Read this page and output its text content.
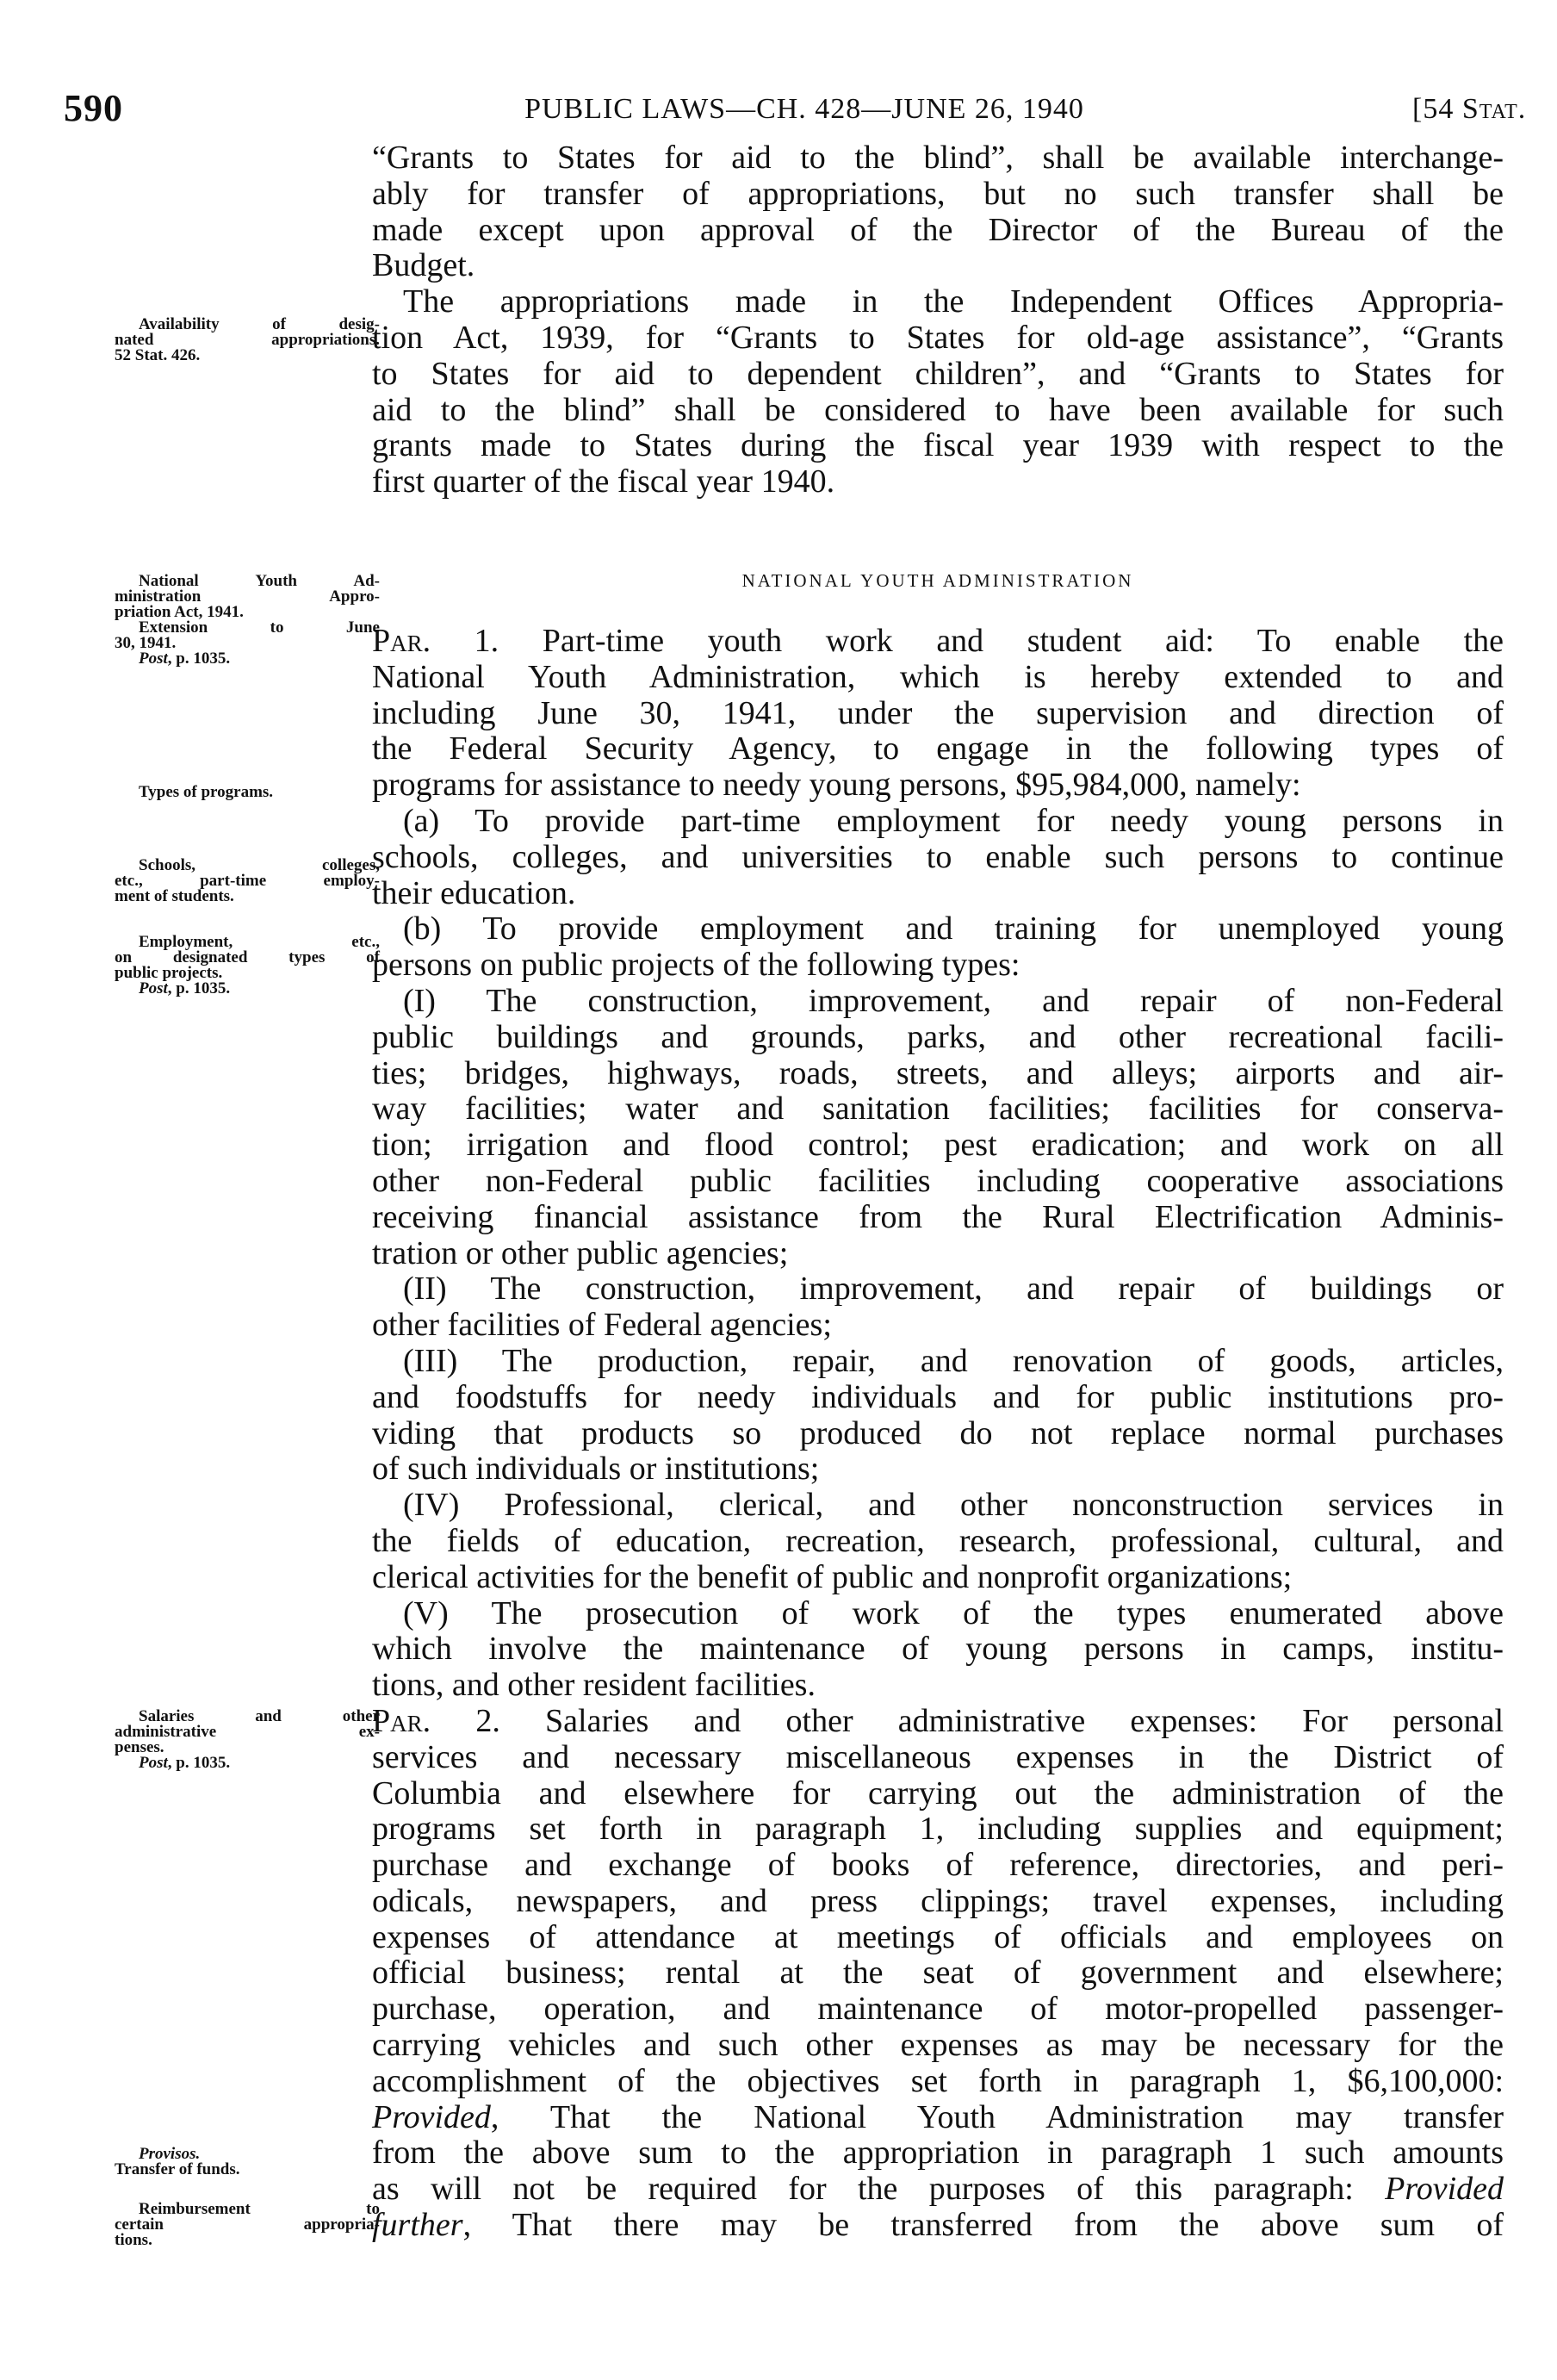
590	PUBLIC LAWS—CH. 428—JUNE 26, 1940	[54 Stat.
“Grants to States for aid to the blind”, shall be available interchange-
ably for transfer of appropriations, but no such transfer shall be
made except upon approval of the Director of the Bureau of the
Budget.
The appropriations made in the Independent Offices Appropria-
tion Act, 1939, for “Grants to States for old-age assistance”, “Grants
to States for aid to dependent children”, and “Grants to States for
aid to the blind” shall be considered to have been available for such
grants made to States during the fiscal year 1939 with respect to the
first quarter of the fiscal year 1940.
National Youth Administration
Par. 1. Part-time youth work and student aid: To enable the
National Youth Administration, which is hereby extended to and
including June 30, 1941, under the supervision and direction of
the Federal Security Agency, to engage in the following types of
programs for assistance to needy young persons, $95,984,000, namely:
(a) To provide part-time employment for needy young persons in
schools, colleges, and universities to enable such persons to continue
their education.
(b) To provide employment and training for unemployed young
persons on public projects of the following types:
(I) The construction, improvement, and repair of non-Federal
public buildings and grounds, parks, and other recreational facili-
ties; bridges, highways, roads, streets, and alleys; airports and air-
way facilities; water and sanitation facilities; facilities for conserva-
tion; irrigation and flood control; pest eradication; and work on all
other non-Federal public facilities including cooperative associations
receiving financial assistance from the Rural Electrification Adminis-
tration or other public agencies;
(II) The construction, improvement, and repair of buildings or
other facilities of Federal agencies;
(III) The production, repair, and renovation of goods, articles,
and foodstuffs for needy individuals and for public institutions pro-
viding that products so produced do not replace normal purchases
of such individuals or institutions;
(IV) Professional, clerical, and other nonconstruction services in
the fields of education, recreation, research, professional, cultural, and
clerical activities for the benefit of public and nonprofit organizations;
(V) The prosecution of work of the types enumerated above
which involve the maintenance of young persons in camps, institu-
tions, and other resident facilities.
Par. 2. Salaries and other administrative expenses: For personal
services and necessary miscellaneous expenses in the District of
Columbia and elsewhere for carrying out the administration of the
programs set forth in paragraph 1, including supplies and equipment;
purchase and exchange of books of reference, directories, and peri-
odicals, newspapers, and press clippings; travel expenses, including
expenses of attendance at meetings of officials and employees on
official business; rental at the seat of government and elsewhere;
purchase, operation, and maintenance of motor-propelled passenger-
carrying vehicles and such other expenses as may be necessary for the
accomplishment of the objectives set forth in paragraph 1, $6,100,000:
Provided, That the National Youth Administration may transfer
from the above sum to the appropriation in paragraph 1 such amounts
as will not be required for the purposes of this paragraph: Provided
further, That there may be transferred from the above sum of
Availability of desig-
nated appropriations.
52 Stat. 426.
National Youth Ad-
ministration Appro-
priation Act, 1941.
Extension to June
30, 1941.
Post, p. 1035.
Types of programs.
Schools, colleges,
etc., part-time employ-
ment of students.
Employment, etc.,
on designated types of
public projects.
Post, p. 1035.
Salaries and other
administrative ex-
penses.
Post, p. 1035.
Provisos.
Transfer of funds.
Reimbursement to
certain appropria-
tions.
